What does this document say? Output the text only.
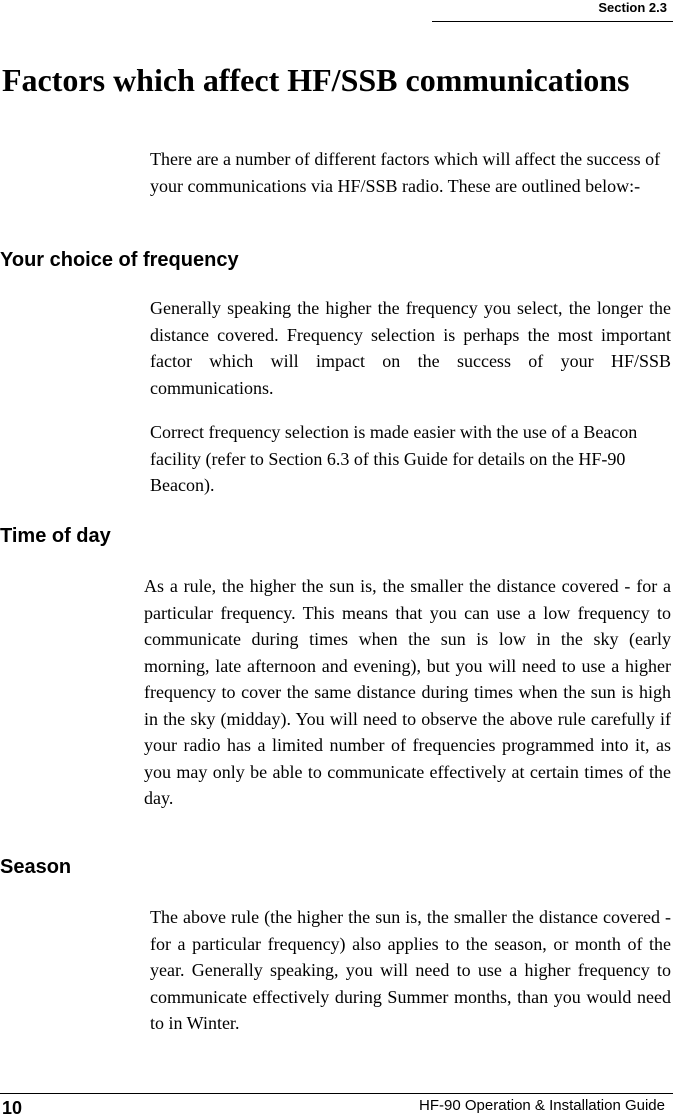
Section 2.3
Factors which affect HF/SSB communications

There are a number of different factors which will affect the success of your communications via HF/SSB radio. These are outlined below:-

Your choice of frequency

Generally speaking the higher the frequency you select, the longer the distance covered. Frequency selection is perhaps the most important factor which will impact on the success of your HF/SSB communications.

Correct frequency selection is made easier with the use of a Beacon facility (refer to Section 6.3 of this Guide for details on the HF-90 Beacon).

Time of day

As a rule, the higher the sun is, the smaller the distance covered - for a particular frequency. This means that you can use a low frequency to communicate during times when the sun is low in the sky (early morning, late afternoon and evening), but you will need to use a higher frequency to cover the same distance during times when the sun is high in the sky (midday). You will need to observe the above rule carefully if your radio has a limited number of frequencies programmed into it, as you may only be able to communicate effectively at certain times of the day.

Season

The above rule (the higher the sun is, the smaller the distance covered - for a particular frequency) also applies to the season, or month of the year. Generally speaking, you will need to use a higher frequency to communicate effectively during Summer months, than you would need to in Winter.

10	HF-90 Operation & Installation Guide
